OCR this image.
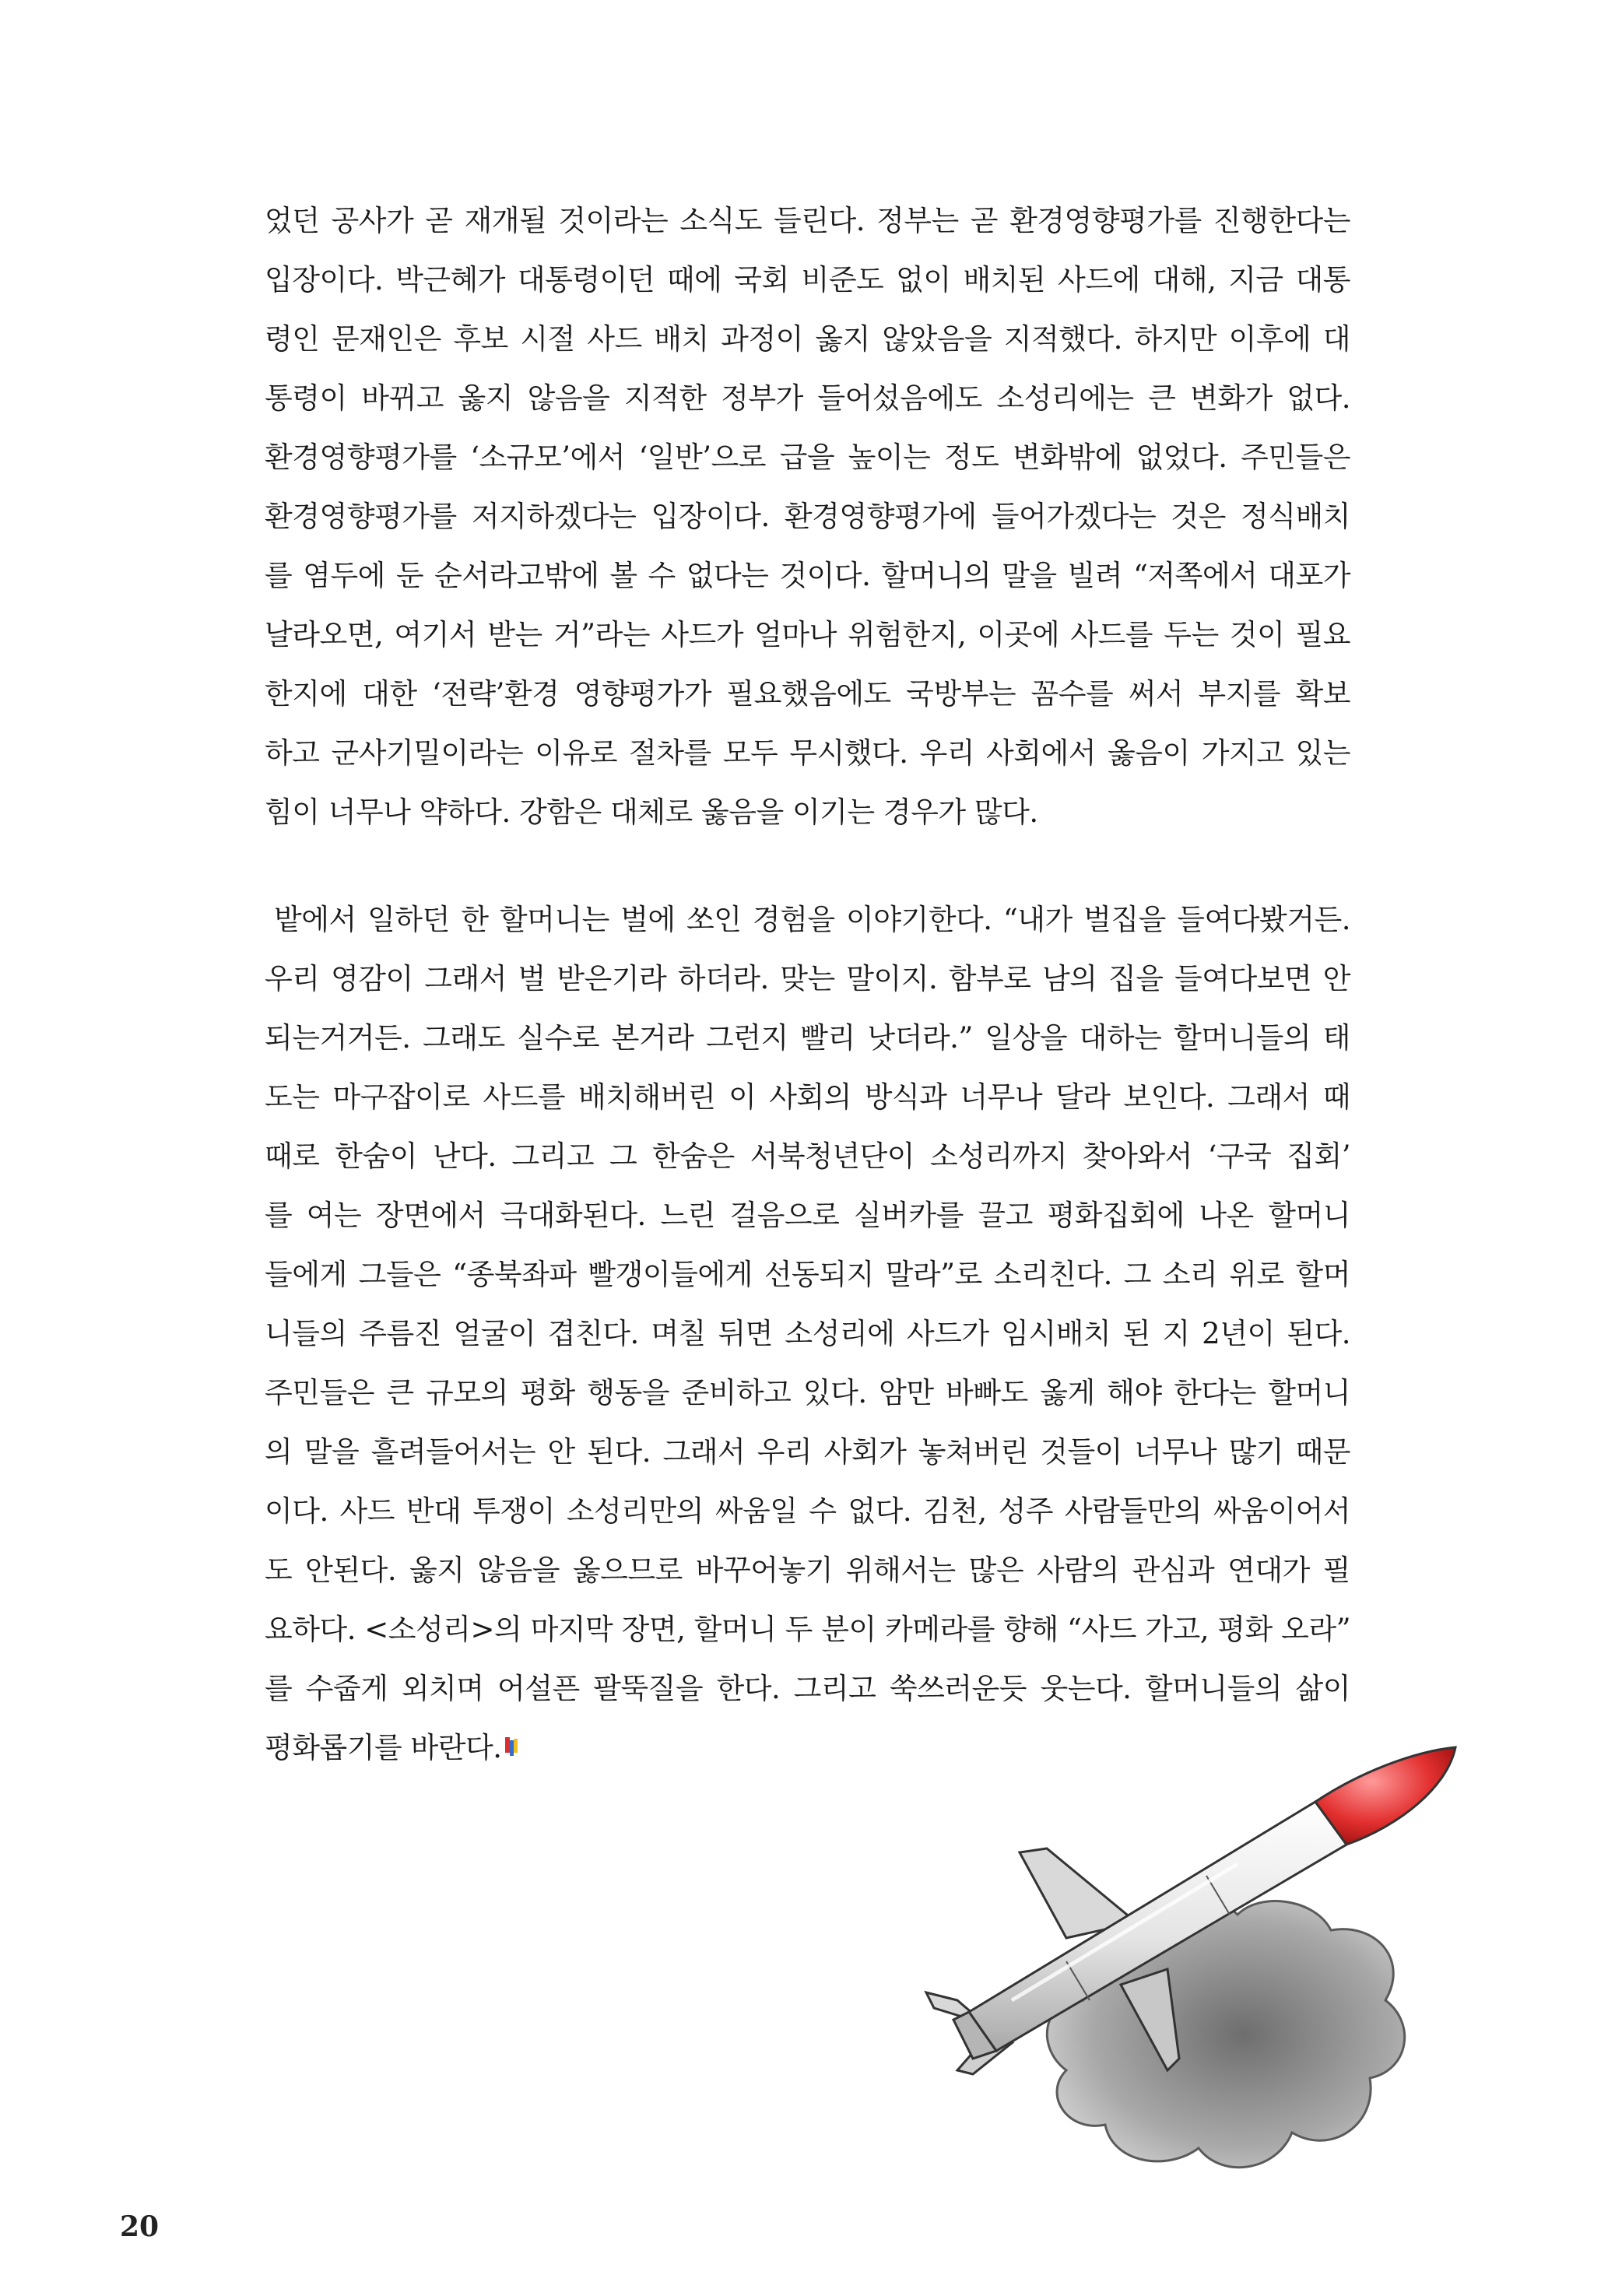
었던 공사가 곧 재개될 것이라는 소식도 들린다. 정부는 곧 환경영향평가를 진행한다는
입장이다. 박근혜가 대통령이던 때에 국회 비준도 없이 배치된 사드에 대해, 지금 대통
령인 문재인은 후보 시절 사드 배치 과정이 옳지 않았음을 지적했다. 하지만 이후에 대
통령이 바뀌고 옳지 않음을 지적한 정부가 들어섰음에도 소성리에는 큰 변화가 없다.
환경영향평가를 ‘소규모’에서 ‘일반’으로 급을 높이는 정도 변화밖에 없었다. 주민들은
환경영향평가를 저지하겠다는 입장이다. 환경영향평가에 들어가겠다는 것은 정식배치
를 염두에 둔 순서라고밖에 볼 수 없다는 것이다. 할머니의 말을 빌려 “저쪽에서 대포가
날라오면, 여기서 받는 거”라는 사드가 얼마나 위험한지, 이곳에 사드를 두는 것이 필요
한지에 대한 ‘전략’환경 영향평가가 필요했음에도 국방부는 꼼수를 써서 부지를 확보
하고 군사기밀이라는 이유로 절차를 모두 무시했다. 우리 사회에서 옳음이 가지고 있는
힘이 너무나 약하다. 강함은 대체로 옳음을 이기는 경우가 많다.
밭에서 일하던 한 할머니는 벌에 쏘인 경험을 이야기한다. “내가 벌집을 들여다봤거든.
우리 영감이 그래서 벌 받은기라 하더라. 맞는 말이지. 함부로 남의 집을 들여다보면 안
되는거거든. 그래도 실수로 본거라 그런지 빨리 낫더라.” 일상을 대하는 할머니들의 태
도는 마구잡이로 사드를 배치해버린 이 사회의 방식과 너무나 달라 보인다. 그래서 때
때로 한숨이 난다. 그리고 그 한숨은 서북청년단이 소성리까지 찾아와서 ‘구국 집회’
를 여는 장면에서 극대화된다. 느린 걸음으로 실버카를 끌고 평화집회에 나온 할머니
들에게 그들은 “종북좌파 빨갱이들에게 선동되지 말라”로 소리친다. 그 소리 위로 할머
니들의 주름진 얼굴이 겹친다. 며칠 뒤면 소성리에 사드가 임시배치 된 지 2년이 된다.
주민들은 큰 규모의 평화 행동을 준비하고 있다. 암만 바빠도 옳게 해야 한다는 할머니
의 말을 흘려들어서는 안 된다. 그래서 우리 사회가 놓쳐버린 것들이 너무나 많기 때문
이다. 사드 반대 투쟁이 소성리만의 싸움일 수 없다. 김천, 성주 사람들만의 싸움이어서
도 안된다. 옳지 않음을 옳으므로 바꾸어놓기 위해서는 많은 사람의 관심과 연대가 필
요하다. <소성리>의 마지막 장면, 할머니 두 분이 카메라를 향해 “사드 가고, 평화 오라”
를 수줍게 외치며 어설픈 팔뚝질을 한다. 그리고 쑥쓰러운듯 웃는다. 할머니들의 삶이
평화롭기를 바란다.
20
